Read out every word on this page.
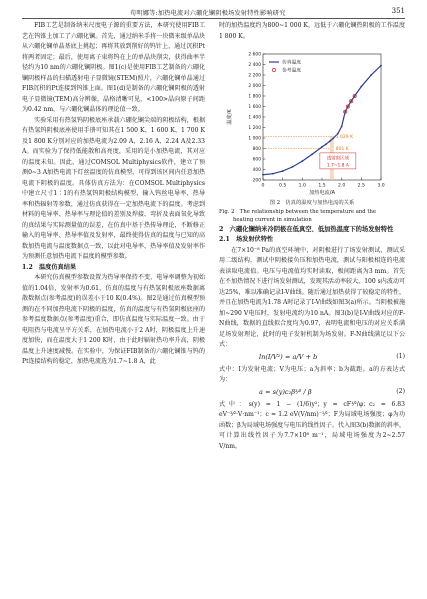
苟明娜等:加热电流对六硼化镧阴极场发射特性影响研究	351

FIB工艺是制备纳米尺度电子源的重要方法，本研究使用FIB工艺在钨锥上加工了六硼化镧。首先，通过纳米手将一块微米级单晶块从六硼化镧单晶基底上挑起；再将其放到削好的钨针上，通过沉积Pt将两者固定；最后，使用离子束将钨在上的单晶块削尖，获得曲率半径约为10 nm的六硼化镧阴极。图1(c)是使用FIB工艺制备的六硼化镧阴极样品的扫描透射电子显微镜(STEM)照片，六硼化镧单晶通过FIB沉积的Pt连接到钨锥上面。图1(d)是制备的六硼化镧阴极的透射电子显微镜(TEM)高分辨像，晶格清晰可见，<100>晶向原子间距为0.42 nm，与六硼化镧晶体的理论值一致。

实验采用有热氢钨阴极底座承载六硼化镧尖端的阴极结构，根据有热氢钨阴极底座使用手册可知其在1 500 K、1 600 K、1 700 K及1 800 K分别对应的加热电流为2.09 A、2.16 A、2.24 A及2.33 A。而实验为了保持低能散和高亮度，采用的是小加热电流，其对应的温度未知。因此，通过COMSOL Multiphysics软件，建立了预测0~3 A加热电流下灯丝温度的仿真模型，可得到该区间内任意加热电流下阴极的温度。具体仿真方法为：在COMSOL Multiphysics中建立尺寸1∶1的有热氢钨阴极结构模型，输入钨丝电导率、热导率和热辐射等参数，通过仿真获得在一定加热电流下的温度。考虑到材料的电导率、热导率与理论值的差别及焊接、弯折及表面氧化导致的真结果与实际测量值的误差，在仿真中基于热传导理论，不断修正输入的电导率、热导率值及发射率，最终使得仿真的温度与已知的高数加热电流与温度数据点一致，以此对电导率、热导率值及发射率作为预测任意加热电流下温度的模型参数。

1.2　温度仿真结果

本研究仿真模型参数设置为热导率保持不变，电导率调整为初始值的1.04倍，发射率为0.61，仿真的温度与有热氢阴极底座数据离散数据点(参考温度)的误差小于10 K(0.4%)。图2是通过仿真模型预测的在不同加热电流下阴极的温度，仿真的温度与有热氢阴极底座的参考温度数据点(参考温度)重合，即仿真温度与实际温度一致。由于电阻热与电流呈平方关系，在加热电流小于2 A时，阴极温度上升速度加快，而在温度大于1 200 K时，由于此时辐射热功率升高，阴极温度上升速度减慢。在实验中，为保证FIB制备的六硼化镧锥与钨的Pt连接结构的稳定，加热电流选为1.7~1.8 A，此

时的加热温度约为800~1 000 K，远低于六硼化镧热阴极的工作温度1 800 K。

0	0.5	1.0	1.5	2.0	2.5	3.0
200
400
600
800
1 000
1 200
1 400
1 600
1 800
2 000
2 200
2 400
2 600
加热电流/A
温度/K
仿真温度
参考温度
1 029 K
801 K
透射窗区域
1.7~1.8 A
图 2　仿真的温度与加热电流的关系
Fig. 2　The relationship between the temperature and the
heating current in simulation
2　六硼化镧纳米冷阴极在低真空、低加热温度下的场发射特性
2.1　场发射伏特性

在7×10⁻⁸ Pa的真空环境中，对阴极进行了场发射测试，测试采用二级结构，测试中阴极接负压和加热电流，测试与阳极相连的电流表读取电流值。电压与电流值均实时读取，极间距离为3 mm。首先在不加热情况下进行场发射测试，发现其活动率较大，100 s内波动可达25%，难以准确记录I-V曲线。随后通过加热获得了较稳定的特性，并且在加热电流为1.78 A时记录了I-V曲线如图3(a)所示。当阴极被施加~290 V电压时，发射电流约为10 nA。图3(b)是I-V曲线对应的F-N曲线，数据的直线拟合度均为0.97，表明电流和电压的对应关系满足场发射理论，此时的电子发射机制为场发射。F-N曲线满足以下公式：

ln(I/V²) = a/V + b	(1)

式中：I为发射电流；V为电压；a为斜率；b为截距。a的方表达式为：

a = s(y)c₂β³⁄² / β	(2)

式中：s(y) = 1 − (1/6)y²；y = cF¹⁄²/φ；c₂ = 6.83 eV⁻³⁄²·V·nm⁻¹；c = 1.2 eV(V/nm)⁻¹⁄²；F为局域电场强度；φ为功函数；β为局域电场强度与电压的线性因子。代入图3(b)数据的斜率，可计算出线性因子为7.7×10⁶ m⁻¹，局域电场强度为2~2.57 V/nm。
